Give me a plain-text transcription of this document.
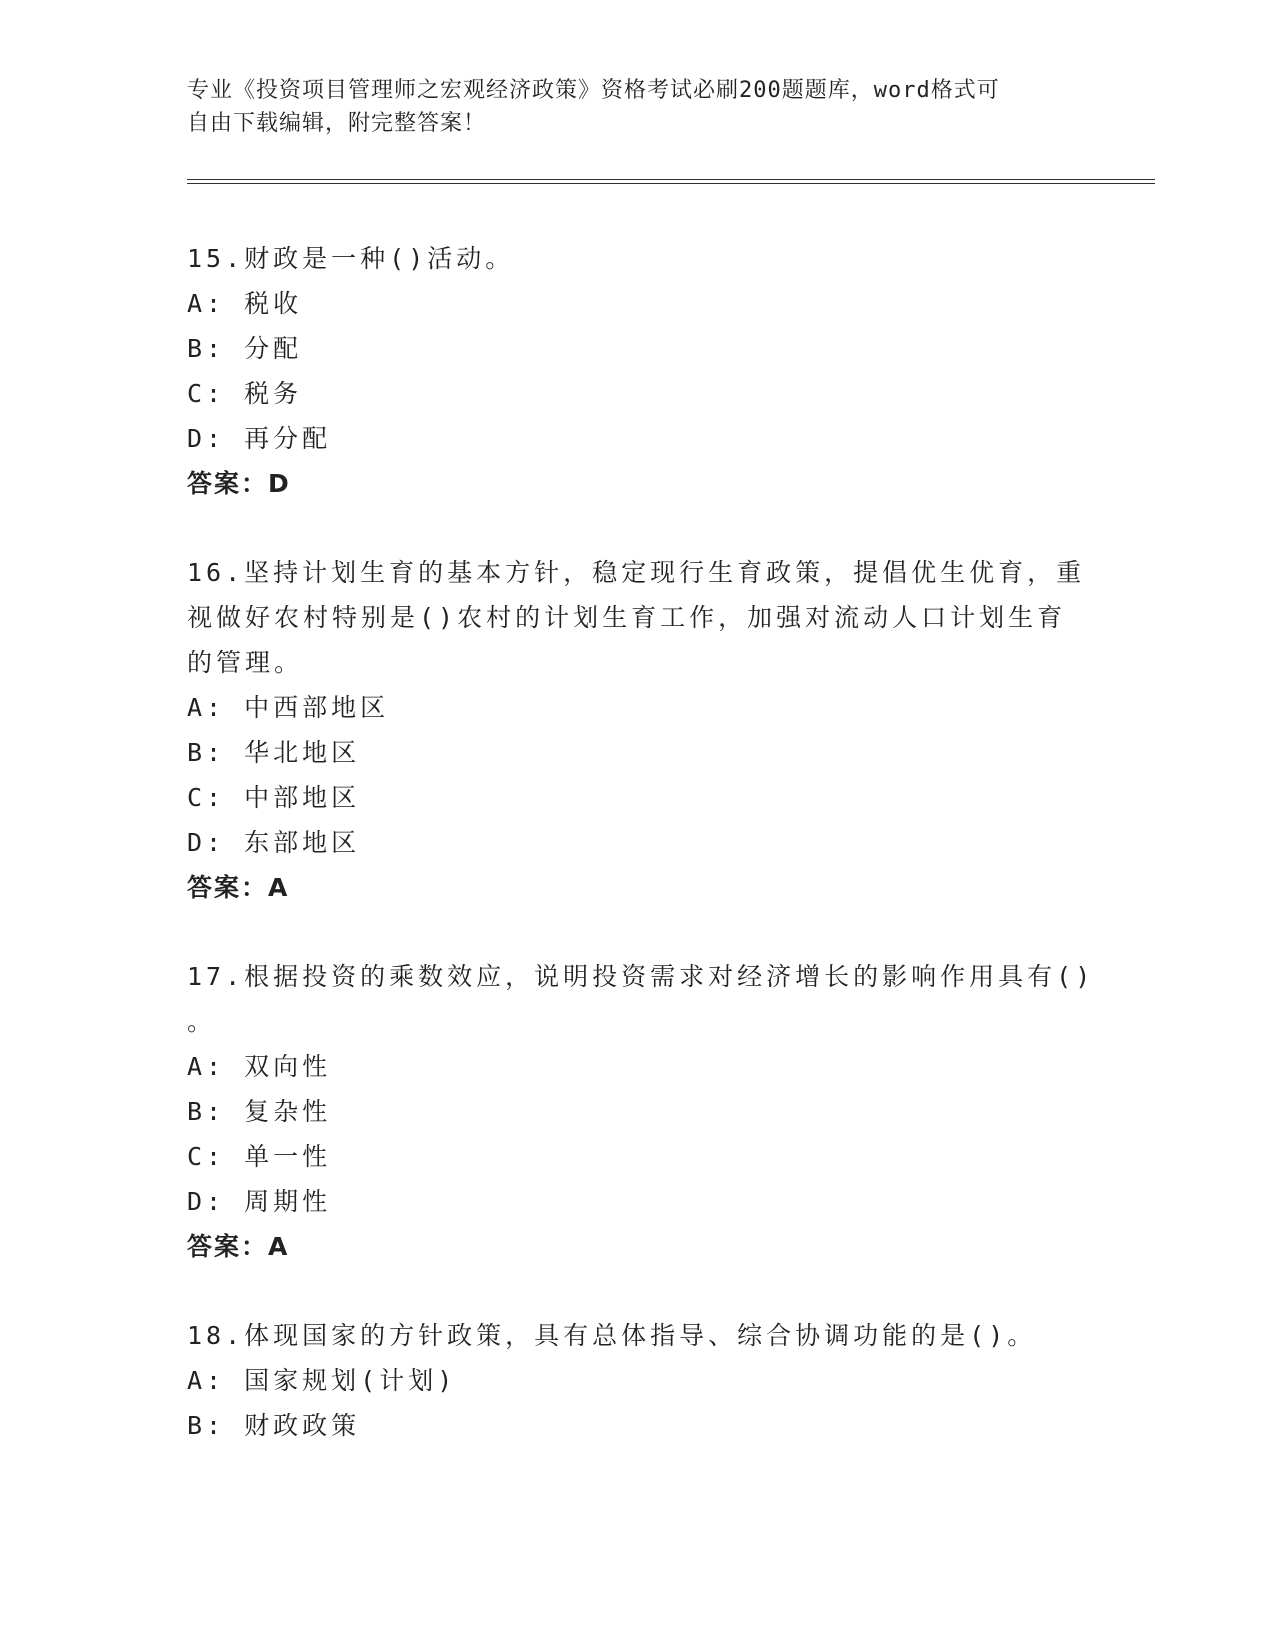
专业《投资项目管理师之宏观经济政策》资格考试必刷200题题库，word格式可
自由下载编辑，附完整答案！
15.财政是一种()活动。
A: 税收
B: 分配
C: 税务
D: 再分配
答案：D
16.坚持计划生育的基本方针，稳定现行生育政策，提倡优生优育，重
视做好农村特别是()农村的计划生育工作，加强对流动人口计划生育
的管理。
A: 中西部地区
B: 华北地区
C: 中部地区
D: 东部地区
答案：A
17.根据投资的乘数效应，说明投资需求对经济增长的影响作用具有()
。
A: 双向性
B: 复杂性
C: 单一性
D: 周期性
答案：A
18.体现国家的方针政策，具有总体指导、综合协调功能的是()。
A: 国家规划(计划)
B: 财政政策
